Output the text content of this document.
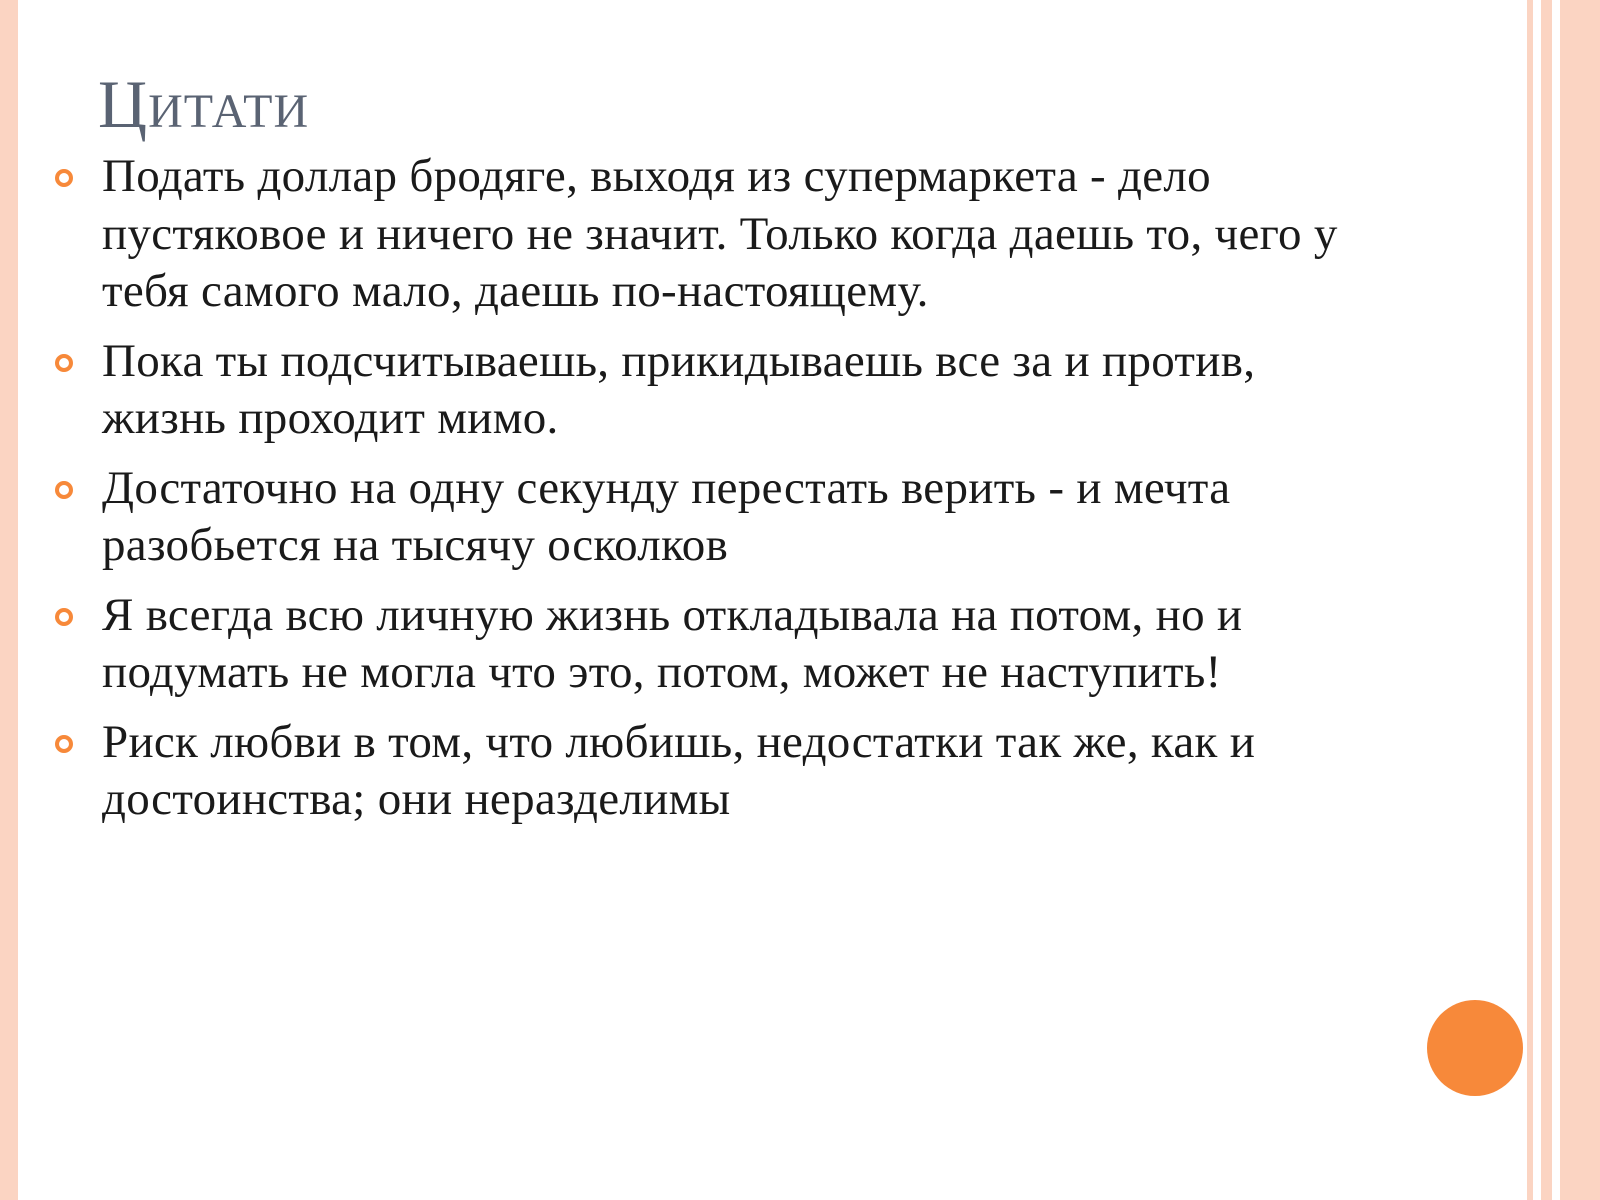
Цитати
Подать доллар бродяге, выходя из супермаркета - дело пустяковое и ничего не значит. Только когда даешь то, чего у тебя самого мало, даешь по-настоящему.
Пока ты подсчитываешь, прикидываешь все за и против, жизнь проходит мимо.
Достаточно на одну секунду перестать верить - и мечта разобьется на тысячу осколков
Я всегда всю личную жизнь откладывала на потом, но и подумать не могла что это, потом, может не наступить!
Риск любви в том, что любишь, недостатки так же, как и достоинства; они неразделимы
